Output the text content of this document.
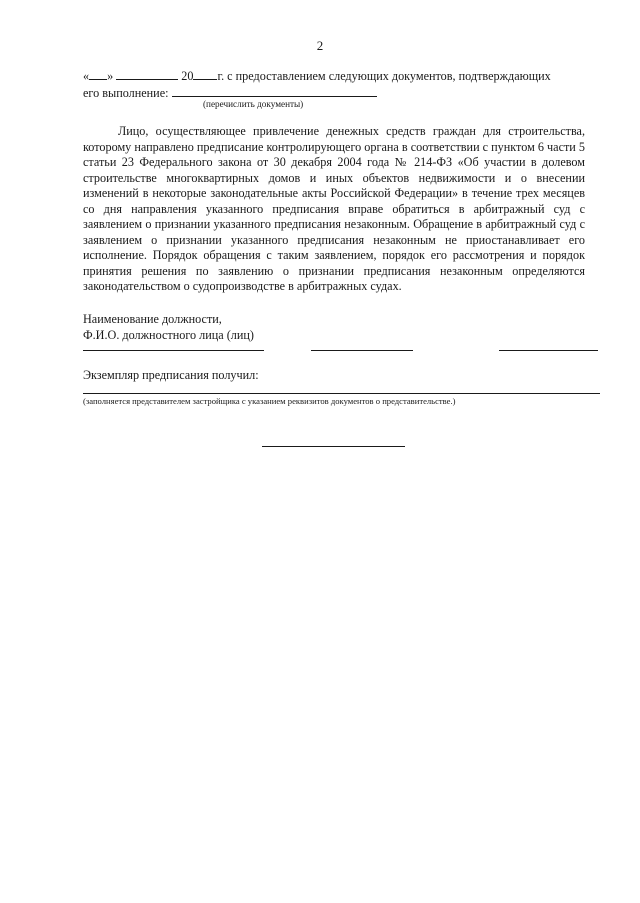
2
« »	20 г. с предоставлением следующих документов, подтверждающих
его выполнение:
(перечислить документы)

Лицо, осуществляющее привлечение денежных средств граждан для строительства, которому направлено предписание контролирующего органа в соответствии с пунктом 6 части 5 статьи 23 Федерального закона от 30 декабря 2004 года № 214-ФЗ «Об участии в долевом строительстве многоквартирных домов и иных объектов недвижимости и о внесении изменений в некоторые законодательные акты Российской Федерации» в течение трех месяцев со дня направления указанного предписания вправе обратиться в арбитражный суд с заявлением о признании указанного предписания незаконным. Обращение в арбитражный суд с заявлением о признании указанного предписания незаконным не приостанавливает его исполнение. Порядок обращения с таким заявлением, порядок его рассмотрения и порядок принятия решения по заявлению о признании предписания незаконным определяются законодательством о судопроизводстве в арбитражных судах.

Наименование должности,
Ф.И.О. должностного лица (лиц)
Экземпляр предписания получил:
(заполняется представителем застройщика с указанием реквизитов документов о представительстве.)
